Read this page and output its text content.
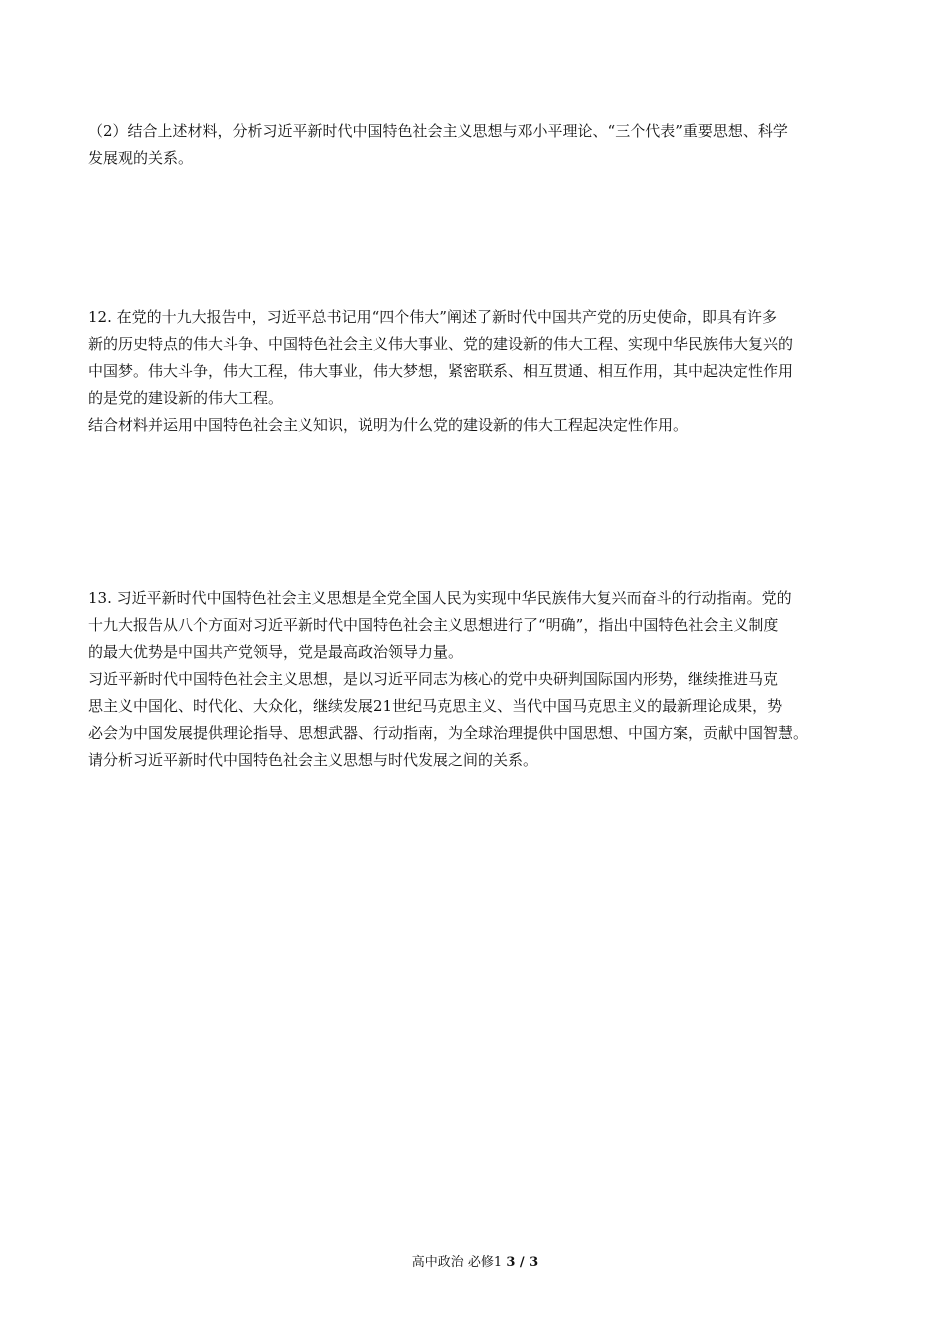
（2）结合上述材料，分析习近平新时代中国特色社会主义思想与邓小平理论、“三个代表”重要思想、科学
发展观的关系。
12. 在党的十九大报告中，习近平总书记用“四个伟大”阐述了新时代中国共产党的历史使命，即具有许多
新的历史特点的伟大斗争、中国特色社会主义伟大事业、党的建设新的伟大工程、实现中华民族伟大复兴的
中国梦。伟大斗争，伟大工程，伟大事业，伟大梦想，紧密联系、相互贯通、相互作用，其中起决定性作用
的是党的建设新的伟大工程。
结合材料并运用中国特色社会主义知识，说明为什么党的建设新的伟大工程起决定性作用。
13. 习近平新时代中国特色社会主义思想是全党全国人民为实现中华民族伟大复兴而奋斗的行动指南。党的
十九大报告从八个方面对习近平新时代中国特色社会主义思想进行了“明确”，指出中国特色社会主义制度
的最大优势是中国共产党领导，党是最高政治领导力量。
习近平新时代中国特色社会主义思想，是以习近平同志为核心的党中央研判国际国内形势，继续推进马克
思主义中国化、时代化、大众化，继续发展21世纪马克思主义、当代中国马克思主义的最新理论成果，势
必会为中国发展提供理论指导、思想武器、行动指南，为全球治理提供中国思想、中国方案，贡献中国智慧。
请分析习近平新时代中国特色社会主义思想与时代发展之间的关系。
高中政治 必修1 3 / 3
